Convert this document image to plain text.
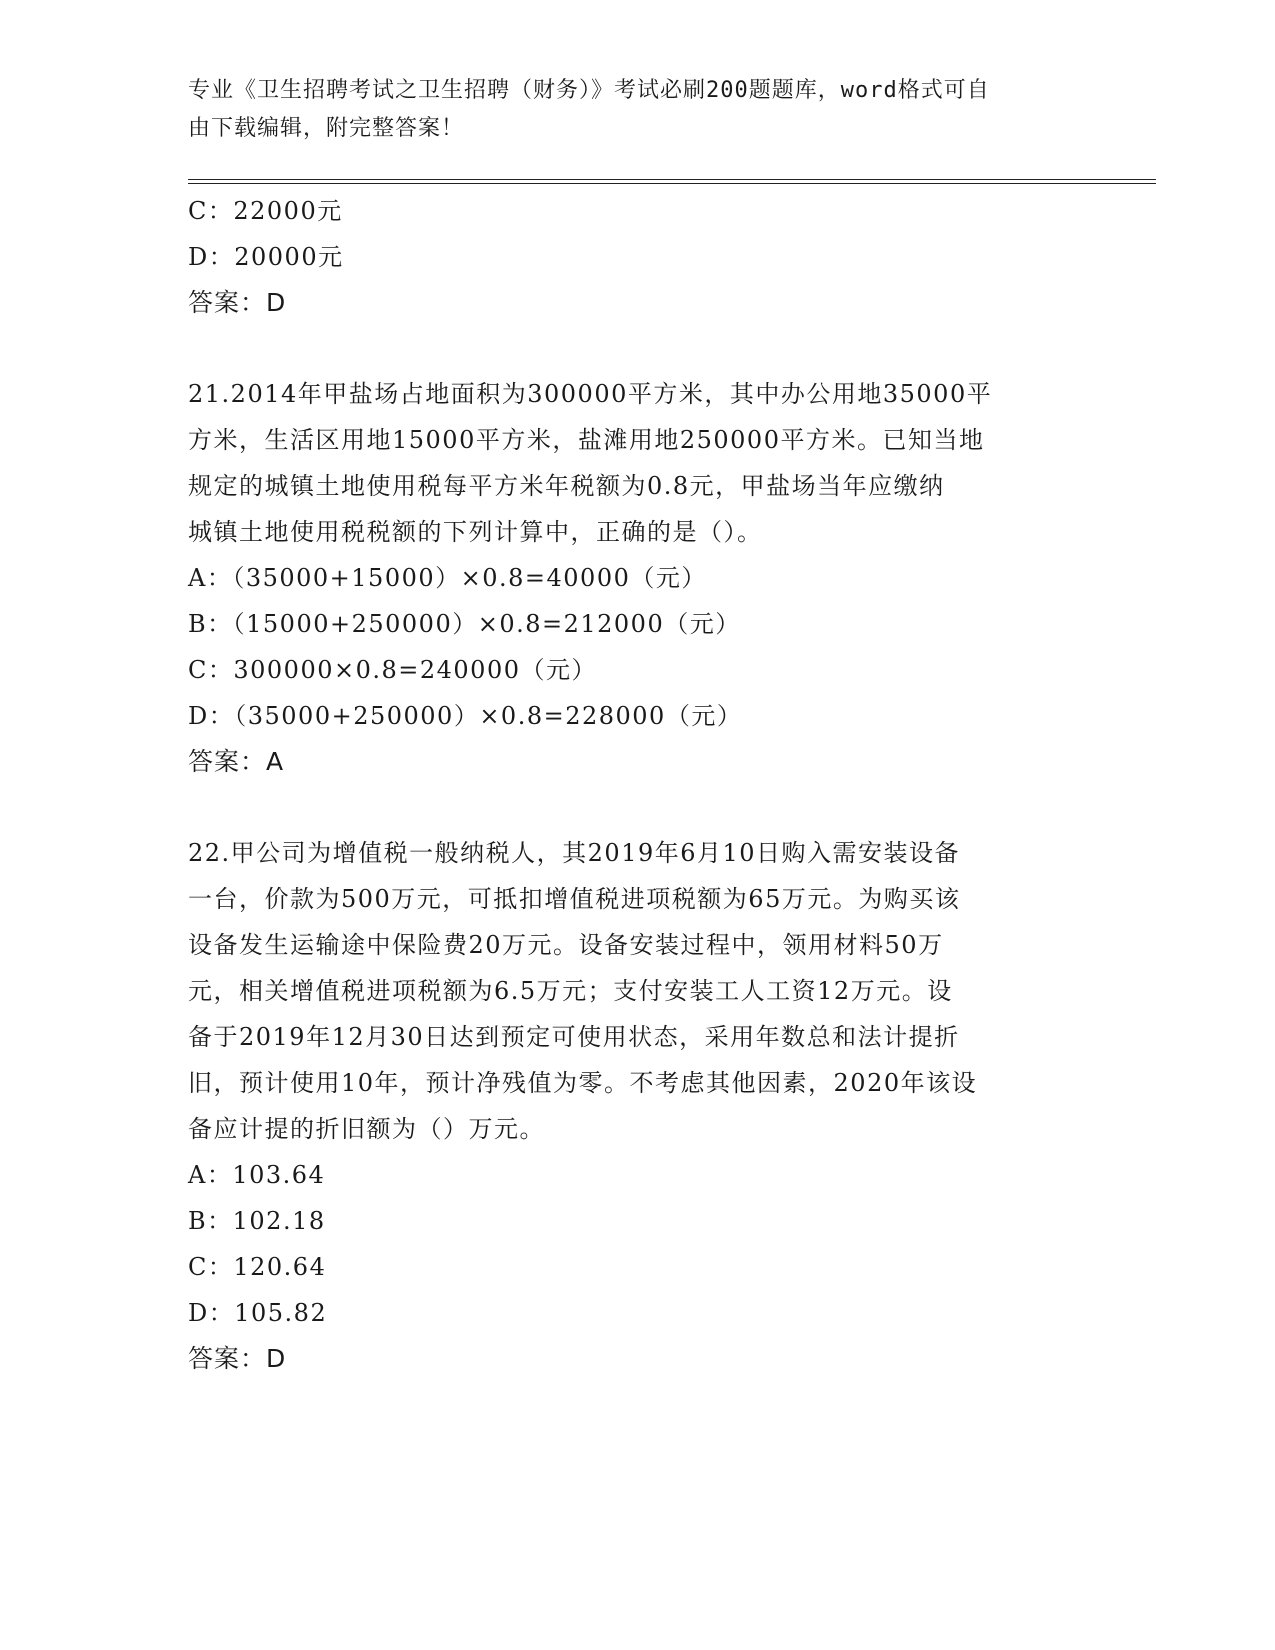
专业《卫生招聘考试之卫生招聘（财务）》考试必刷200题题库，word格式可自
由下载编辑，附完整答案！
C：22000元
D：20000元
答案：D
21.2014年甲盐场占地面积为300000平方米，其中办公用地35000平
方米，生活区用地15000平方米，盐滩用地250000平方米。已知当地
规定的城镇土地使用税每平方米年税额为0.8元，甲盐场当年应缴纳
城镇土地使用税税额的下列计算中，正确的是（）。
A：（35000+15000）×0.8=40000（元）
B：（15000+250000）×0.8=212000（元）
C：300000×0.8=240000（元）
D：（35000+250000）×0.8=228000（元）
答案：A
22.甲公司为增值税一般纳税人，其2019年6月10日购入需安装设备
一台，价款为500万元，可抵扣增值税进项税额为65万元。为购买该
设备发生运输途中保险费20万元。设备安装过程中，领用材料50万
元，相关增值税进项税额为6.5万元；支付安装工人工资12万元。设
备于2019年12月30日达到预定可使用状态，采用年数总和法计提折
旧，预计使用10年，预计净残值为零。不考虑其他因素，2020年该设
备应计提的折旧额为（）万元。
A：103.64
B：102.18
C：120.64
D：105.82
答案：D
